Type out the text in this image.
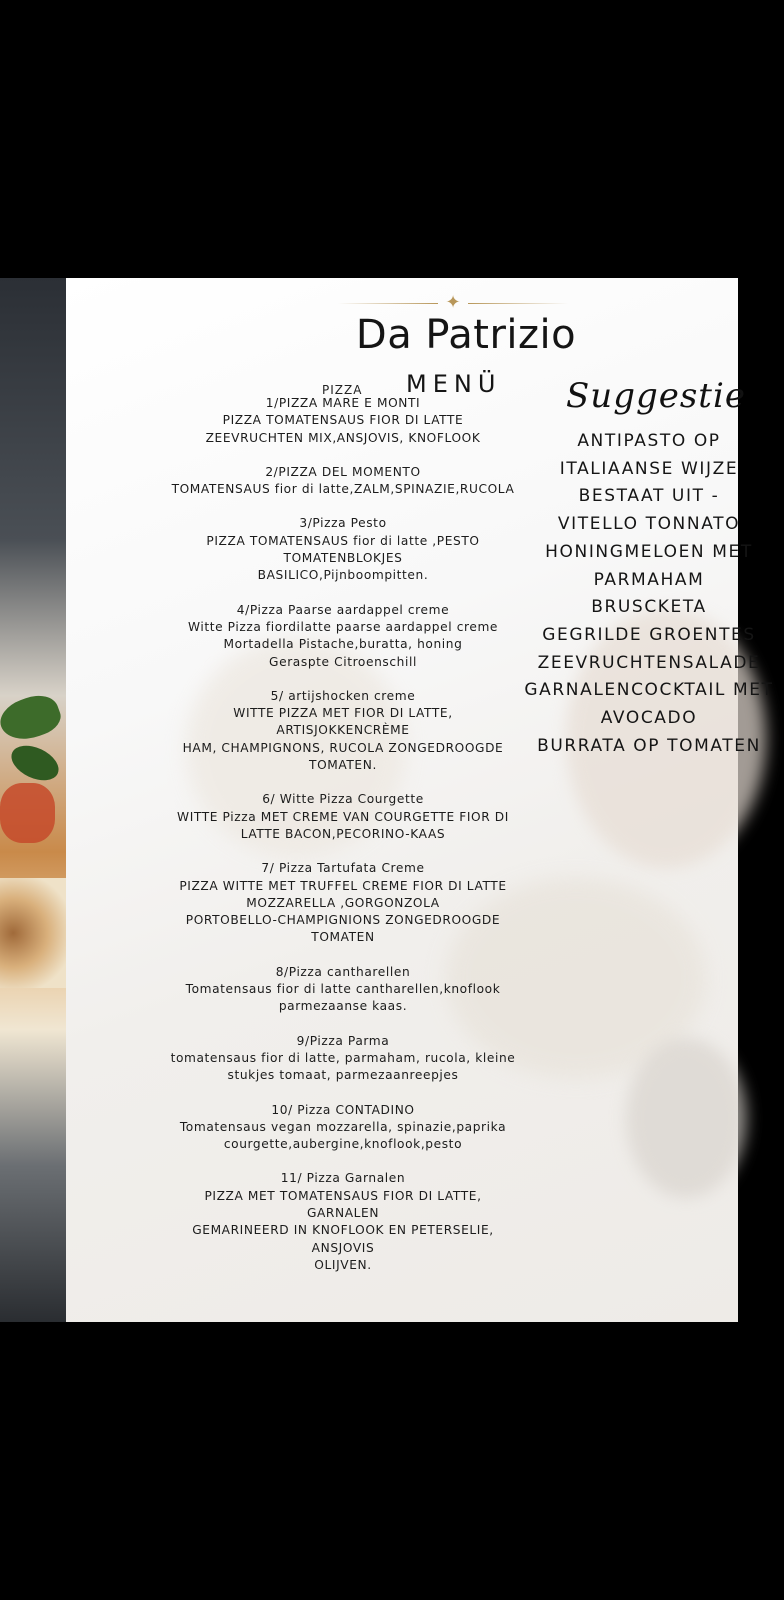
✦
Da Patrizio
MENÜ
PIZZA
1/PIZZA MARE E MONTI
PIZZA TOMATENSAUS FIOR DI LATTE
ZEEVRUCHTEN MIX,ANSJOVIS, KNOFLOOK
2/PIZZA DEL MOMENTO
TOMATENSAUS fior di latte,ZALM,SPINAZIE,RUCOLA
3/Pizza Pesto
PIZZA TOMATENSAUS fior di latte ,PESTO
TOMATENBLOKJES
BASILICO,Pijnboompitten.
4/Pizza Paarse aardappel creme
Witte Pizza fiordilatte paarse aardappel creme
Mortadella Pistache,buratta, honing
Geraspte Citroenschill
5/ artijshocken creme
WITTE PIZZA MET FIOR DI LATTE,
ARTISJOKKENCRÈME
HAM, CHAMPIGNONS, RUCOLA ZONGEDROOGDE
TOMATEN.
6/ Witte Pizza Courgette
WITTE Pizza MET CREME VAN COURGETTE FIOR DI
LATTE BACON,PECORINO-KAAS
7/ Pizza Tartufata Creme
PIZZA WITTE MET TRUFFEL CREME FIOR DI LATTE
MOZZARELLA ,GORGONZOLA
PORTOBELLO-CHAMPIGNIONS ZONGEDROOGDE
TOMATEN
8/Pizza cantharellen
Tomatensaus fior di latte cantharellen,knoflook
parmezaanse kaas.
9/Pizza Parma
tomatensaus fior di latte, parmaham, rucola, kleine
stukjes tomaat, parmezaanreepjes
10/ Pizza CONTADINO
Tomatensaus vegan mozzarella, spinazie,paprika
courgette,aubergine,knoflook,pesto
11/ Pizza Garnalen
PIZZA MET TOMATENSAUS FIOR DI LATTE,
GARNALEN
GEMARINEERD IN KNOFLOOK EN PETERSELIE,
ANSJOVIS
OLIJVEN.
Suggestie
ANTIPASTO OP
ITALIAANSE WIJZE
BESTAAT UIT -
VITELLO TONNATO
HONINGMELOEN MET
PARMAHAM
BRUSCKETA
GEGRILDE GROENTES
ZEEVRUCHTENSALADE
GARNALENCOCKTAIL MET
AVOCADO
BURRATA OP TOMATEN
